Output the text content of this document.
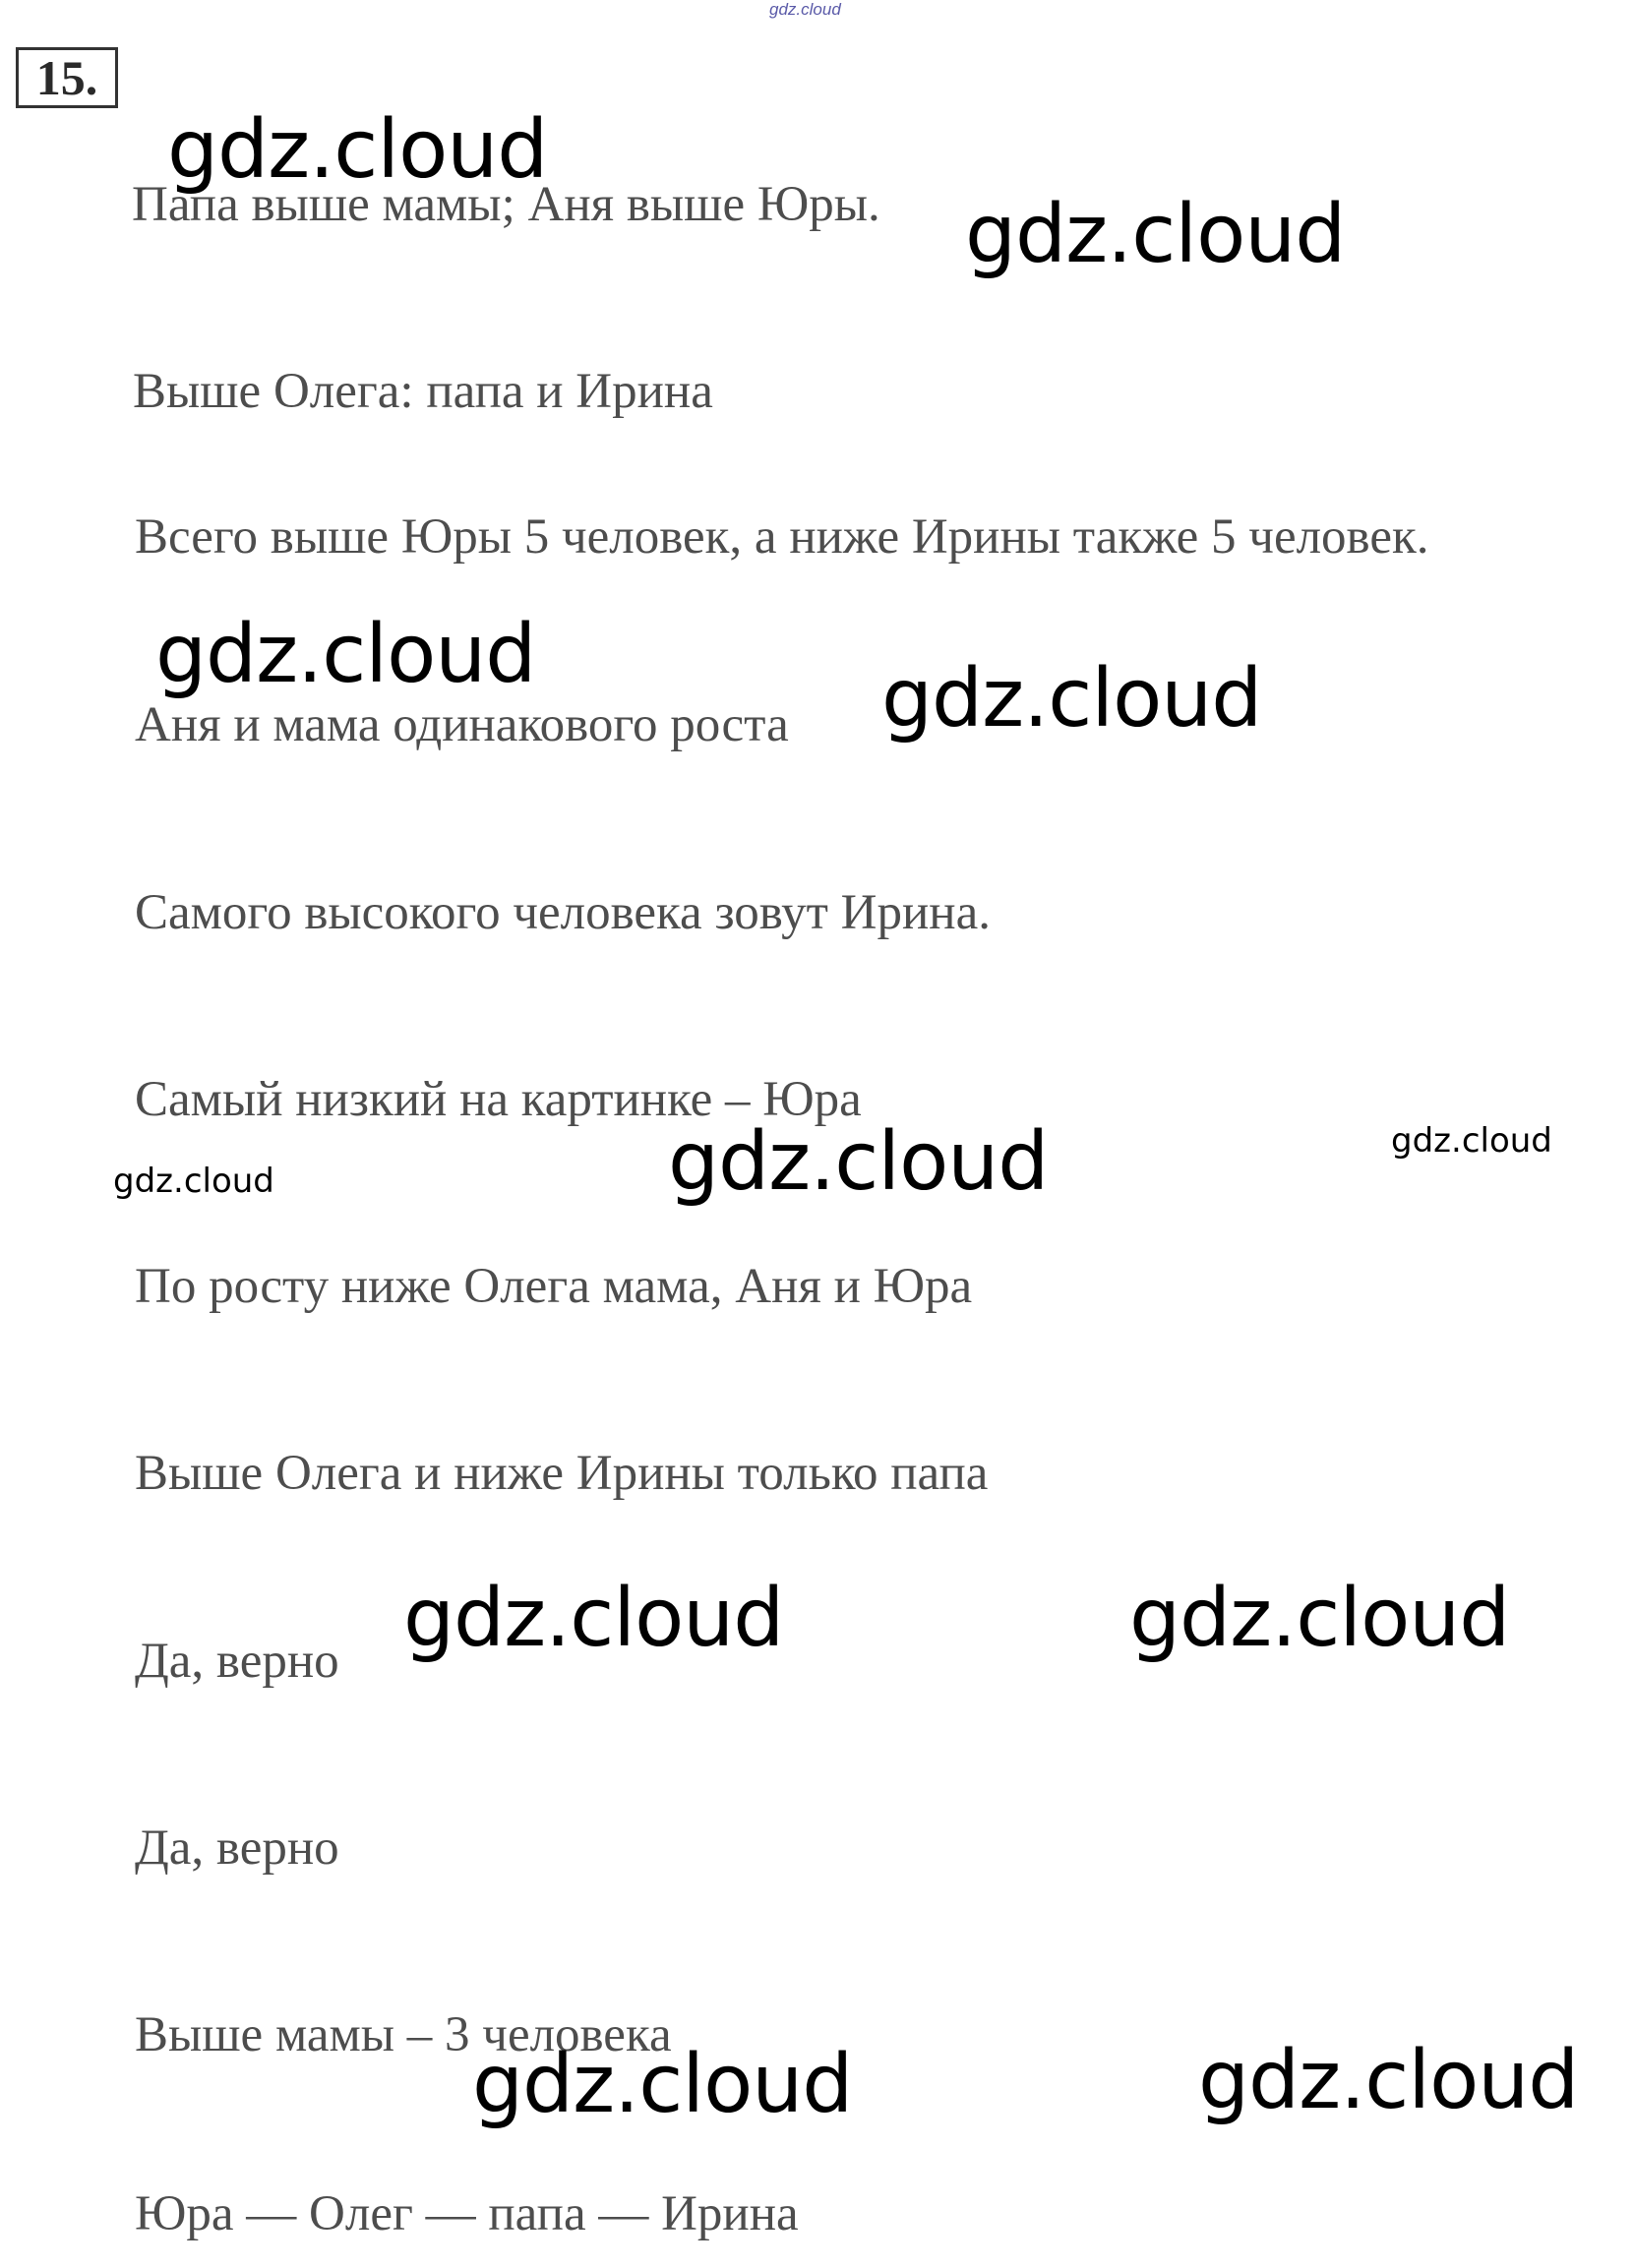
gdz.cloud
15.
Папа выше мамы; Аня выше Юры.
Выше Олега: папа и Ирина
Всего выше Юры 5 человек, а ниже Ирины также 5 человек.
Аня и мама одинакового роста
Самого высокого человека зовут Ирина.
Самый низкий на картинке – Юра
По росту ниже Олега мама, Аня и Юра
Выше Олега и ниже Ирины только папа
Да, верно
Да, верно
Выше мамы – 3 человека
Юра — Олег — папа — Ирина
gdz.cloud
gdz.cloud
gdz.cloud	gdz.cloud
gdz.cloud	gdz.cloud
gdz.cloud
gdz.cloud	gdz.cloud
gdz.cloud	gdz.cloud
